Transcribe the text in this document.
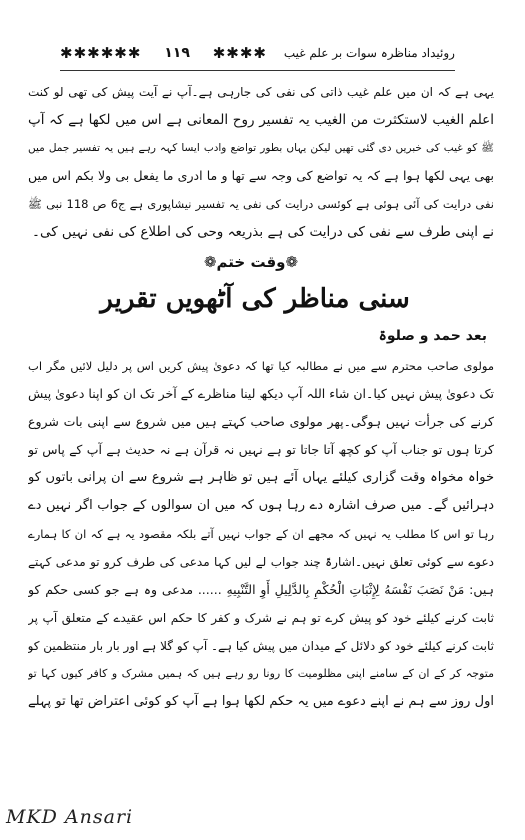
✱✱✱✱✱✱	۱۱۹	✱✱✱✱ روئیداد مناظرہ سوات بر علم غیب
یہی ہے کہ ان میں علم غیب ذاتی کی نفی کی جارہی ہے۔آپ نے آیت پیش کی تھی لو کنت
اعلم الغیب لاستکثرت من الغیب یہ تفسیر روح المعانی ہے اس میں لکھا ہے کہ آپ
ﷺ کو غیب کی خبریں دی گئی تھیں لیکن یہاں بطور تواضع وادب ایسا کہہ رہے ہیں یہ تفسیر جمل میں
بھی یہی لکھا ہوا ہے کہ یہ تواضع کی وجہ سے تھا و ما ادری ما یفعل بی ولا بکم اس میں
نفی درایت کی آئی ہوئی ہے کوئسی درایت کی نفی یہ تفسیر نیشاپوری ہے ج6 ص 118 نبی ﷺ
نے اپنی طرف سے نفی کی درایت کی ہے بذریعہ وحی کی اطلاع کی نفی نہیں کی۔
❁
وقت ختم
❁
سنی مناظر کی آٹھویں تقریر
بعد حمد و صلوۃ
مولوی صاحب محترم سے میں نے مطالبہ کیا تھا کہ دعویٰ پیش کریں اس پر دلیل لائیں مگر اب
تک دعویٰ پیش نہیں کیا۔ان شاء اللہ آپ دیکھ لینا مناظرے کے آخر تک ان کو اپنا دعویٰ پیش
کرنے کی جرأت نہیں ہوگی۔پھر مولوی صاحب کہتے ہیں میں شروع سے اپنی بات شروع
کرتا ہوں تو جناب آپ کو کچھ آتا جاتا تو ہے نہیں نہ قرآن ہے نہ حدیث ہے آپ کے پاس تو
خواہ مخواہ وقت گزاری کیلئے یہاں آئے ہیں تو ظاہر ہے شروع سے ان پرانی باتوں کو
دہرائیں گے۔ میں صرف اشارہ دے رہا ہوں کہ میں ان سوالوں کے جواب اگر نہیں دے
رہا تو اس کا مطلب یہ نہیں کہ مجھے ان کے جواب نہیں آتے بلکہ مقصود یہ ہے کہ ان کا ہمارے
دعوے سے کوئی تعلق نہیں۔اشارۃً چند جواب لے لیں کہا مدعی کی طرف کرو تو مدعی کہتے
ہیں: مَنْ نَصَبَ نَفْسَهُ لِإِثْبَاتِ الْحُكْمِ بِالدَّلِيلِ أَوِ التَّنْبِيهِ ...... مدعی وہ ہے جو کسی حکم کو
ثابت کرنے کیلئے خود کو پیش کرے تو ہم نے شرک و کفر کا حکم اس عقیدے کے متعلق آپ پر
ثابت کرنے کیلئے خود کو دلائل کے میدان میں پیش کیا ہے۔ آپ کو گلا ہے اور بار بار منتظمین کو
متوجہ کر کے ان کے سامنے اپنی مظلومیت کا رونا رو رہے ہیں کہ ہمیں مشرک و کافر کیوں کہا تو
اول روز سے ہم نے اپنے دعوے میں یہ حکم لکھا ہوا ہے آپ کو کوئی اعتراض تھا تو پہلے
MKD Ansari
